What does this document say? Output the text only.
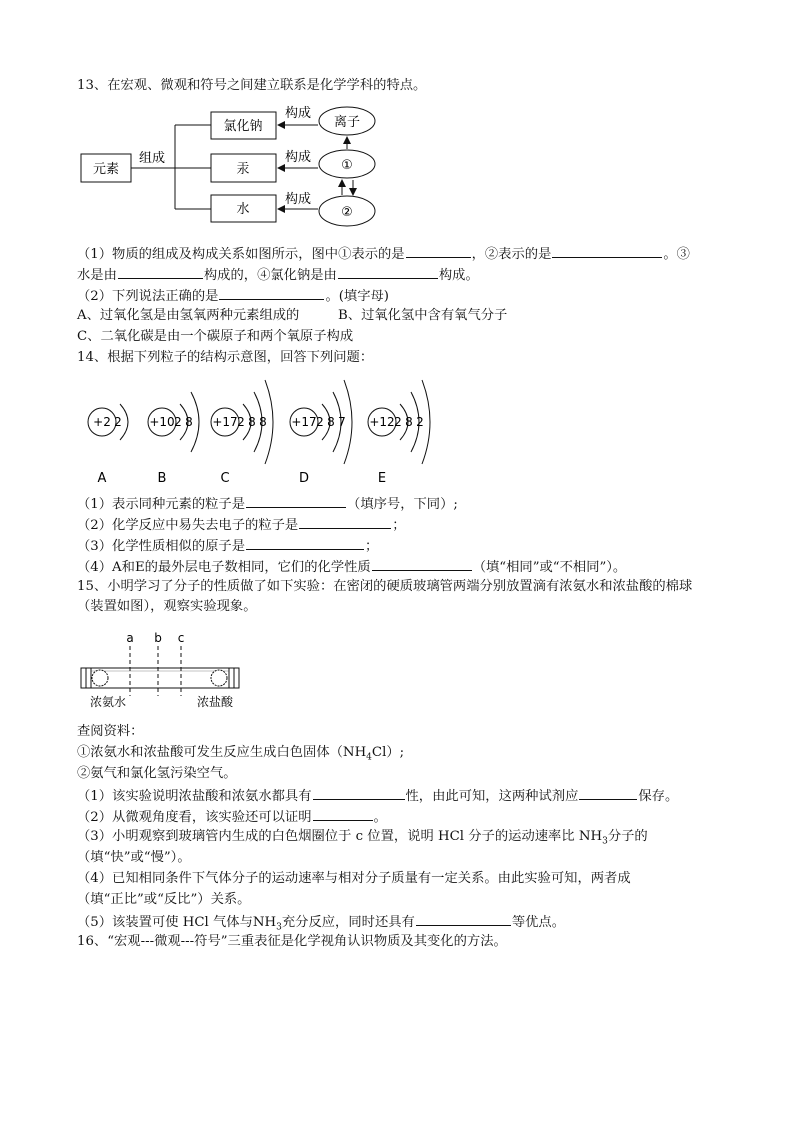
13、在宏观、微观和符号之间建立联系是化学学科的特点。
元素
组成
氯化钠
汞
水
离子
①
②
构成
构成
构成
（1）物质的组成及构成关系如图所示，图中①表示的是	，②表示的是	。③
水是由	构成的，④氯化钠是由	构成。
（2）下列说法正确的是	。(填字母)
A、过氧化氢是由氢氧两种元素组成的	B、过氧化氢中含有氧气分子
C、二氧化碳是由一个碳原子和两个氧原子构成
14、根据下列粒子的结构示意图，回答下列问题：
+2 2
A
+10 2 8
B
+17 2 8 8
C
+17 2 8 7
D
+12 2 8 2
E
（1）表示同种元素的粒子是	（填序号，下同）;
（2）化学反应中易失去电子的粒子是	；
（3）化学性质相似的原子是	；
（4）A和E的最外层电子数相同，它们的化学性质	（填“相同”或“不相同”）。
15、小明学习了分子的性质做了如下实验：在密闭的硬质玻璃管两端分别放置滴有浓氨水和浓盐酸的棉球
（装置如图），观察实验现象。
a b c
浓氨水	浓盐酸
查阅资料：
①浓氨水和浓盐酸可发生反应生成白色固体$(NH_4Cl)$;
②氨气和氯化氢污染空气。
（1）该实验说明浓盐酸和浓氨水都具有	性，由此可知，这两种试剂应	保存。
（2）从微观角度看，该实验还可以证明	。
（3）小明观察到玻璃管内生成的白色烟圈位于 c 位置，说明 HCl 分子的运动速率比 $NH_3$分子的
（填“快”或“慢”）。
（4）已知相同条件下气体分子的运动速率与相对分子质量有一定关系。由此实验可知，两者成
（填“正比”或“反比”）关系。
（5）该装置可使 HCl 气体与$NH_3$充分反应，同时还具有	等优点。
16、“宏观---微观---符号”三重表征是化学视角认识物质及其变化的方法。
